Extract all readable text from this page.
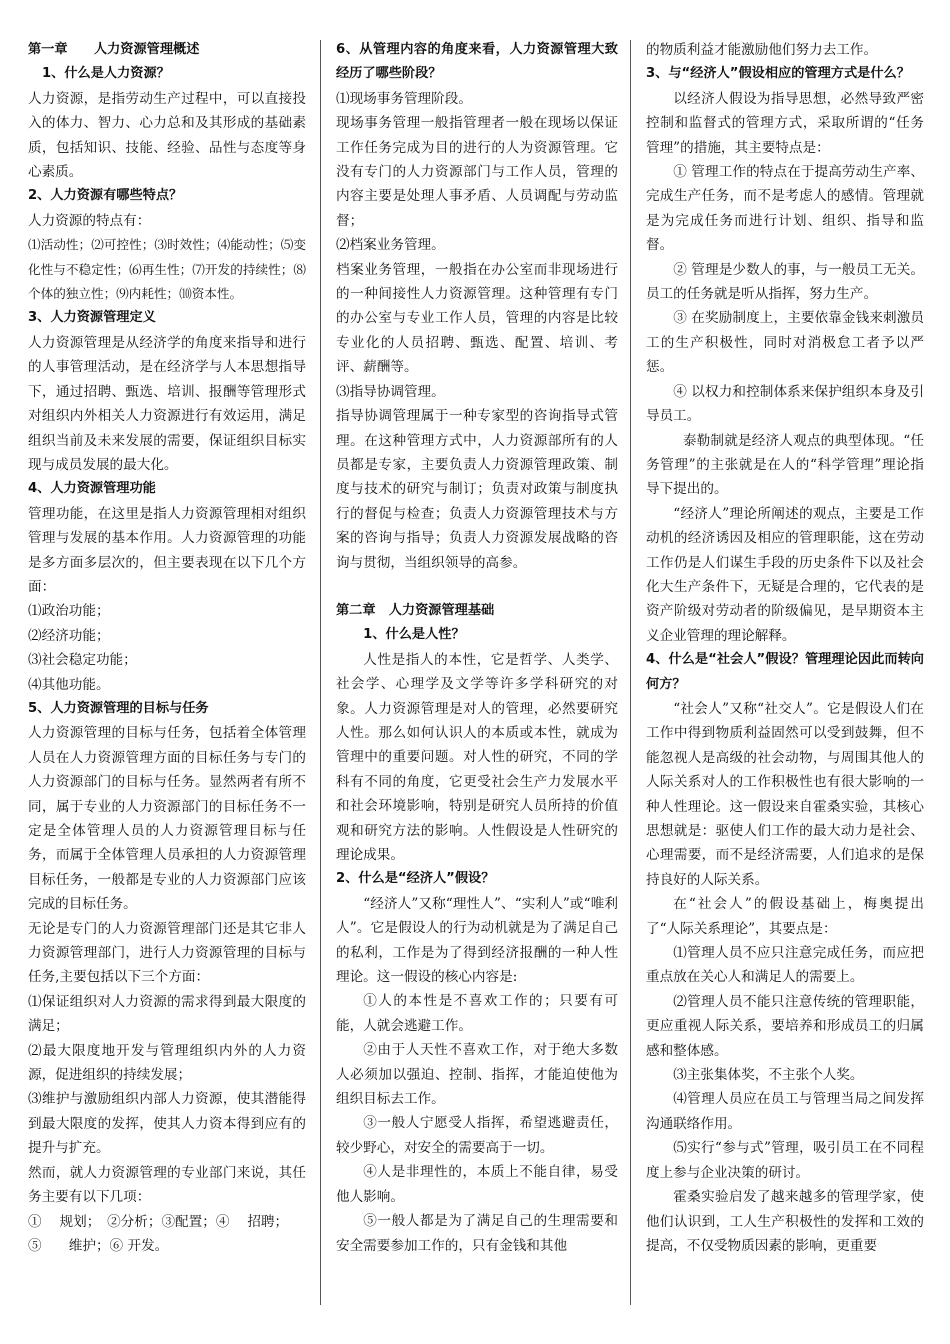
第一章　　人力资源管理概述

1、什么是人力资源？

人力资源，是指劳动生产过程中，可以直接投入的体力、智力、心力总和及其形成的基础素质，包括知识、技能、经验、品性与态度等身心素质。

2、人力资源有哪些特点？

人力资源的特点有：

⑴活动性；⑵可控性；⑶时效性；⑷能动性；⑸变化性与不稳定性；⑹再生性；⑺开发的持续性；⑻个体的独立性；⑼内耗性；⑽资本性。

3、人力资源管理定义

人力资源管理是从经济学的角度来指导和进行的人事管理活动，是在经济学与人本思想指导下，通过招聘、甄选、培训、报酬等管理形式对组织内外相关人力资源进行有效运用，满足组织当前及未来发展的需要，保证组织目标实现与成员发展的最大化。

4、人力资源管理功能

管理功能，在这里是指人力资源管理相对组织管理与发展的基本作用。人力资源管理的功能是多方面多层次的，但主要表现在以下几个方面：

⑴政治功能；

⑵经济功能；

⑶社会稳定功能；

⑷其他功能。

5、人力资源管理的目标与任务

人力资源管理的目标与任务，包括着全体管理人员在人力资源管理方面的目标任务与专门的人力资源部门的目标与任务。显然两者有所不同，属于专业的人力资源部门的目标任务不一定是全体管理人员的人力资源管理目标与任务，而属于全体管理人员承担的人力资源管理目标任务，一般都是专业的人力资源部门应该完成的目标任务。

无论是专门的人力资源管理部门还是其它非人力资源管理部门，进行人力资源管理的目标与任务,主要包括以下三个方面：

⑴保证组织对人力资源的需求得到最大限度的满足；

⑵最大限度地开发与管理组织内外的人力资源，促进组织的持续发展；

⑶维护与激励组织内部人力资源，使其潜能得到最大限度的发挥，使其人力资本得到应有的提升与扩充。

然而，就人力资源管理的专业部门来说，其任务主要有以下几项：

①　 规划；　②分析；③配置；④　 招聘；

⑤　　维护；⑥ 开发。

6、从管理内容的角度来看，人力资源管理大致经历了哪些阶段？

⑴现场事务管理阶段。

现场事务管理一般指管理者一般在现场以保证工作任务完成为目的进行的人为资源管理。它没有专门的人力资源部门与工作人员，管理的内容主要是处理人事矛盾、人员调配与劳动监督；

⑵档案业务管理。

档案业务管理，一般指在办公室而非现场进行的一种间接性人力资源管理。这种管理有专门的办公室与专业工作人员，管理的内容是比较专业化的人员招聘、甄选、配置、培训、考评、薪酬等。

⑶指导协调管理。

指导协调管理属于一种专家型的咨询指导式管理。在这种管理方式中，人力资源部所有的人员都是专家，主要负责人力资源管理政策、制度与技术的研究与制订；负责对政策与制度执行的督促与检查；负责人力资源管理技术与方案的咨询与指导；负责人力资源发展战略的咨询与贯彻，当组织领导的高参。

第二章　人力资源管理基础

　1、什么是人性？

人性是指人的本性，它是哲学、人类学、社会学、心理学及文学等许多学科研究的对象。人力资源管理是对人的管理，必然要研究人性。那么如何认识人的本质或本性，就成为管理中的重要问题。对人性的研究，不同的学科有不同的角度，它更受社会生产力发展水平和社会环境影响，特别是研究人员所持的价值观和研究方法的影响。人性假设是人性研究的理论成果。

2、什么是“经济人”假设？

“经济人”又称“理性人”、“实利人”或“唯利人”。它是假设人的行为动机就是为了满足自己的私利，工作是为了得到经济报酬的一种人性理论。这一假设的核心内容是:

①人的本性是不喜欢工作的；只要有可能，人就会逃避工作。

②由于人天性不喜欢工作，对于绝大多数人必须加以强迫、控制、指挥，才能迫使他为组织目标去工作。

③一般人宁愿受人指挥，希望逃避责任，较少野心，对安全的需要高于一切。

④人是非理性的，本质上不能自律，易受他人影响。

⑤一般人都是为了满足自己的生理需要和安全需要参加工作的，只有金钱和其他

的物质利益才能激励他们努力去工作。

3、与“经济人”假设相应的管理方式是什么？

以经济人假设为指导思想，必然导致严密控制和监督式的管理方式，采取所谓的“任务管理”的措施，其主要特点是：

① 管理工作的特点在于提高劳动生产率、完成生产任务，而不是考虑人的感情。管理就是为完成任务而进行计划、组织、指导和监督。

② 管理是少数人的事，与一般员工无关。员工的任务就是听从指挥，努力生产。

③ 在奖励制度上，主要依靠金钱来刺激员工的生产积极性，同时对消极怠工者予以严惩。

④ 以权力和控制体系来保护组织本身及引导员工。

　泰勒制就是经济人观点的典型体现。“任务管理”的主张就是在人的“科学管理”理论指导下提出的。

“经济人”理论所阐述的观点，主要是工作动机的经济诱因及相应的管理职能，这在劳动工作仍是人们谋生手段的历史条件下以及社会化大生产条件下，无疑是合理的，它代表的是资产阶级对劳动者的阶级偏见，是早期资本主义企业管理的理论解释。

4、什么是“社会人”假设？管理理论因此而转向何方？

“社会人”又称“社交人”。它是假设人们在工作中得到物质利益固然可以受到鼓舞，但不能忽视人是高级的社会动物，与周围其他人的人际关系对人的工作积极性也有很大影响的一种人性理论。这一假设来自霍桑实验，其核心思想就是：驱使人们工作的最大动力是社会、心理需要，而不是经济需要，人们追求的是保持良好的人际关系。

在“社会人”的假设基础上，梅奥提出了“人际关系理论”，其要点是：

⑴管理人员不应只注意完成任务，而应把重点放在关心人和满足人的需要上。

⑵管理人员不能只注意传统的管理职能，更应重视人际关系，要培养和形成员工的归属感和整体感。

⑶主张集体奖，不主张个人奖。

⑷管理人员应在员工与管理当局之间发挥沟通联络作用。

⑸实行“参与式”管理，吸引员工在不同程度上参与企业决策的研讨。

霍桑实验启发了越来越多的管理学家，使他们认识到，工人生产积极性的发挥和工效的提高，不仅受物质因素的影响，更重要
